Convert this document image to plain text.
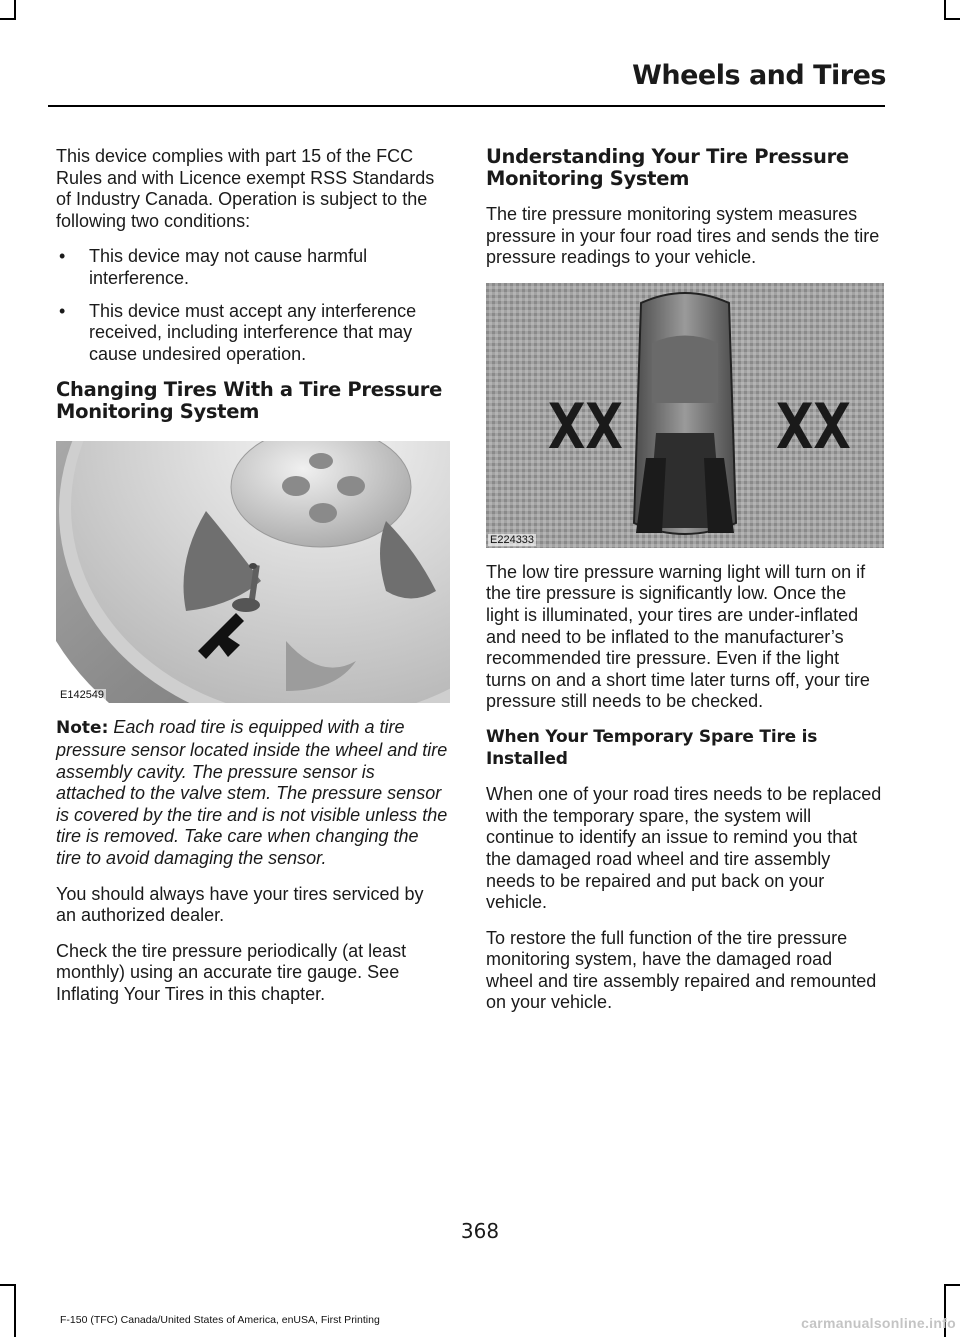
Wheels and Tires

This device complies with part 15 of the FCC Rules and with Licence exempt RSS Standards of Industry Canada. Operation is subject to the following two conditions:

• This device may not cause harmful interference.
• This device must accept any interference received, including interference that may cause undesired operation.
Changing Tires With a Tire Pressure Monitoring System
E142549

Note: Each road tire is equipped with a tire pressure sensor located inside the wheel and tire assembly cavity. The pressure sensor is attached to the valve stem. The pressure sensor is covered by the tire and is not visible unless the tire is removed. Take care when changing the tire to avoid damaging the sensor.

You should always have your tires serviced by an authorized dealer.

Check the tire pressure periodically (at least monthly) using an accurate tire gauge. See Inflating Your Tires in this chapter.

Understanding Your Tire Pressure Monitoring System

The tire pressure monitoring system measures pressure in your four road tires and sends the tire pressure readings to your vehicle.

XX XX
E224333

The low tire pressure warning light will turn on if the tire pressure is significantly low. Once the light is illuminated, your tires are under-inflated and need to be inflated to the manufacturer’s recommended tire pressure. Even if the light turns on and a short time later turns off, your tire pressure still needs to be checked.

When Your Temporary Spare Tire is Installed

When one of your road tires needs to be replaced with the temporary spare, the system will continue to identify an issue to remind you that the damaged road wheel and tire assembly needs to be repaired and put back on your vehicle.

To restore the full function of the tire pressure monitoring system, have the damaged road wheel and tire assembly repaired and remounted on your vehicle.

368
F-150 (TFC) Canada/United States of America, enUSA, First Printing	carmanualsonline.info
